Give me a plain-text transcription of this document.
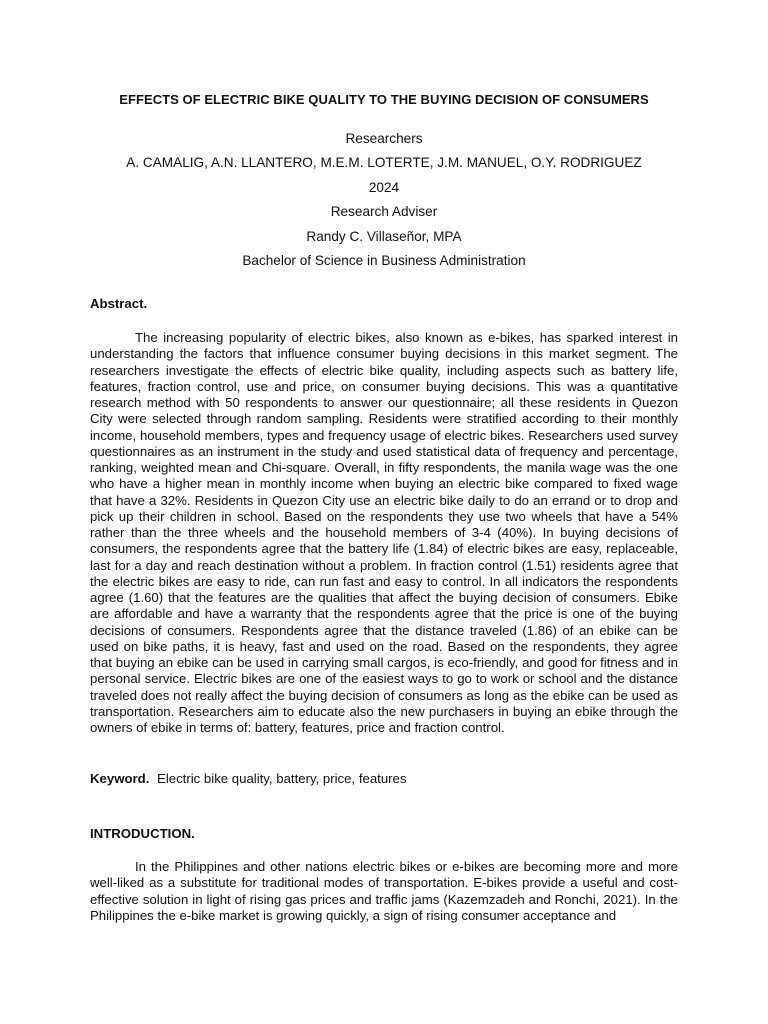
EFFECTS OF ELECTRIC BIKE QUALITY TO THE BUYING DECISION OF CONSUMERS
Researchers
A. CAMALIG, A.N. LLANTERO, M.E.M. LOTERTE, J.M. MANUEL, O.Y. RODRIGUEZ
2024
Research Adviser
Randy C. Villaseñor, MPA
Bachelor of Science in Business Administration
Abstract.
The increasing popularity of electric bikes, also known as e-bikes, has sparked interest in understanding the factors that influence consumer buying decisions in this market segment. The researchers investigate the effects of electric bike quality, including aspects such as battery life, features, fraction control, use and price, on consumer buying decisions. This was a quantitative research method with 50 respondents to answer our questionnaire; all these residents in Quezon City were selected through random sampling. Residents were stratified according to their monthly income, household members, types and frequency usage of electric bikes. Researchers used survey questionnaires as an instrument in the study and used statistical data of frequency and percentage, ranking, weighted mean and Chi-square. Overall, in fifty respondents, the manila wage was the one who have a higher mean in monthly income when buying an electric bike compared to fixed wage that have a 32%. Residents in Quezon City use an electric bike daily to do an errand or to drop and pick up their children in school. Based on the respondents they use two wheels that have a 54% rather than the three wheels and the household members of 3-4 (40%). In buying decisions of consumers, the respondents agree that the battery life (1.84) of electric bikes are easy, replaceable, last for a day and reach destination without a problem. In fraction control (1.51) residents agree that the electric bikes are easy to ride, can run fast and easy to control. In all indicators the respondents agree (1.60) that the features are the qualities that affect the buying decision of consumers. Ebike are affordable and have a warranty that the respondents agree that the price is one of the buying decisions of consumers. Respondents agree that the distance traveled (1.86) of an ebike can be used on bike paths, it is heavy, fast and used on the road. Based on the respondents, they agree that buying an ebike can be used in carrying small cargos, is eco-friendly, and good for fitness and in personal service. Electric bikes are one of the easiest ways to go to work or school and the distance traveled does not really affect the buying decision of consumers as long as the ebike can be used as transportation. Researchers aim to educate also the new purchasers in buying an ebike through the owners of ebike in terms of: battery, features, price and fraction control.
Keyword. Electric bike quality, battery, price, features
INTRODUCTION.
In the Philippines and other nations electric bikes or e-bikes are becoming more and more well-liked as a substitute for traditional modes of transportation. E-bikes provide a useful and cost-effective solution in light of rising gas prices and traffic jams (Kazemzadeh and Ronchi, 2021). In the Philippines the e-bike market is growing quickly, a sign of rising consumer acceptance and
